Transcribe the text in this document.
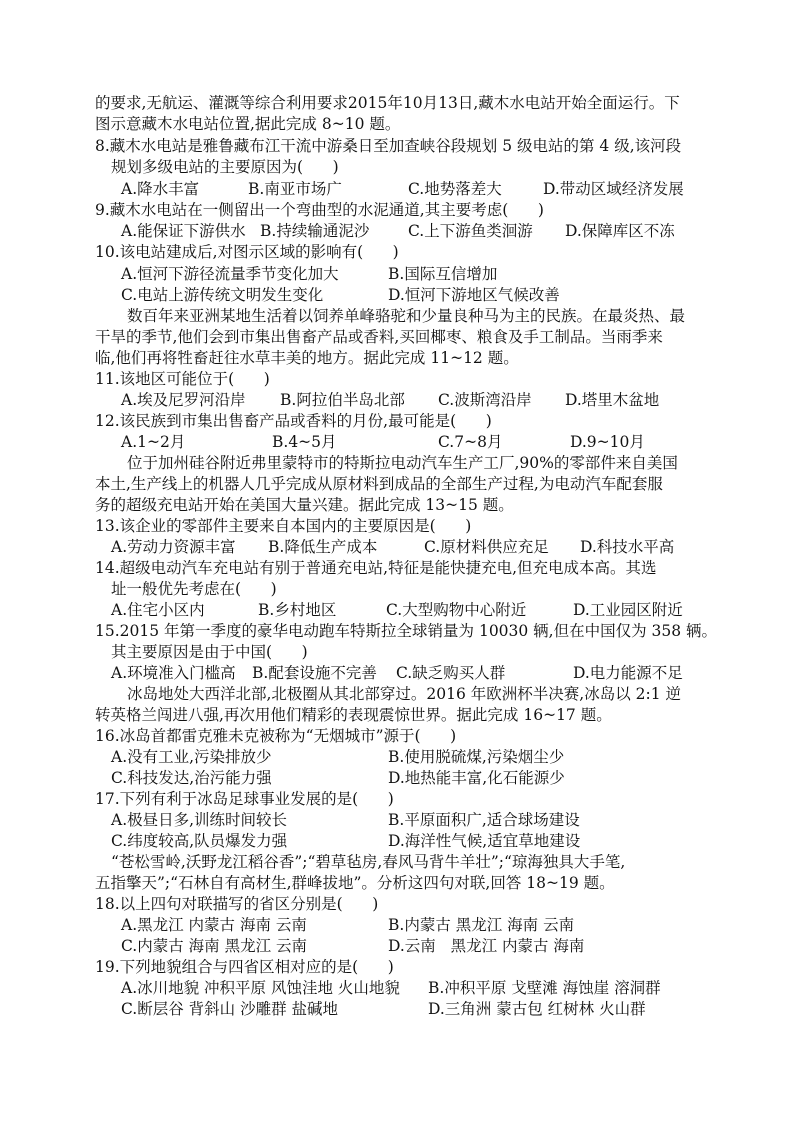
的要求,无航运、灌溉等综合利用要求2015年10月13日,藏木水电站开始全面运行。下
图示意藏木水电站位置,据此完成 8~10 题。
8.藏木水电站是雅鲁藏布江干流中游桑日至加查峡谷段规划 5 级电站的第 4 级,该河段
规划多级电站的主要原因为(      )
A.降水丰富	B.南亚市场广	C.地势落差大	D.带动区域经济发展
9.藏木水电站在一侧留出一个弯曲型的水泥通道,其主要考虑(      )
A.能保证下游供水 B.持续输通泥沙 C.上下游鱼类洄游 D.保障库区不冻
10.该电站建成后,对图示区域的影响有(      )
A.恒河下游径流量季节变化加大	B.国际互信增加
C.电站上游传统文明发生变化	D.恒河下游地区气候改善
数百年来亚洲某地生活着以饲养单峰骆驼和少量良种马为主的民族。在最炎热、最
干旱的季节,他们会到市集出售畜产品或香料,买回椰枣、粮食及手工制品。当雨季来
临,他们再将牲畜赶往水草丰美的地方。据此完成 11~12 题。
11.该地区可能位于(      )
A.埃及尼罗河沿岸 B.阿拉伯半岛北部 C.波斯湾沿岸 D.塔里木盆地
12.该民族到市集出售畜产品或香料的月份,最可能是(      )
A.1~2月	B.4~5月	C.7~8月	D.9~10月
位于加州硅谷附近弗里蒙特市的特斯拉电动汽车生产工厂,90%的零部件来自美国
本土,生产线上的机器人几乎完成从原材料到成品的全部生产过程,为电动汽车配套服
务的超级充电站开始在美国大量兴建。据此完成 13~15 题。
13.该企业的零部件主要来自本国内的主要原因是(      )
A.劳动力资源丰富 B.降低生产成本	C.原材料供应充足 D.科技水平高
14.超级电动汽车充电站有别于普通充电站,特征是能快捷充电,但充电成本高。其选
址一般优先考虑在(      )
A.住宅小区内	B.乡村地区	C.大型购物中心附近	D.工业园区附近
15.2015 年第一季度的豪华电动跑车特斯拉全球销量为 10030 辆,但在中国仅为 358 辆。
其主要原因是由于中国(      )
A.环境准入门槛高 B.配套设施不完善 C.缺乏购买人群	D.电力能源不足
冰岛地处大西洋北部,北极圈从其北部穿过。2016 年欧洲杯半决赛,冰岛以 2:1 逆
转英格兰闯进八强,再次用他们精彩的表现震惊世界。据此完成 16~17 题。
16.冰岛首都雷克雅未克被称为“无烟城市”源于(      )
A.没有工业,污染排放少	B.使用脱硫煤,污染烟尘少
C.科技发达,治污能力强	D.地热能丰富,化石能源少
17.下列有利于冰岛足球事业发展的是(      )
A.极昼日多,训练时间较长	B.平原面积广,适合球场建设
C.纬度较高,队员爆发力强	D.海洋性气候,适宜草地建设
“苍松雪岭,沃野龙江稻谷香”;“碧草毡房,春风马背牛羊壮”;“琼海独具大手笔,
五指擎天”;“石林自有高材生,群峰拔地”。分析这四句对联,回答 18~19 题。
18.以上四句对联描写的省区分别是(      )
A.黑龙江 内蒙古 海南 云南	B.内蒙古 黑龙江 海南 云南
C.内蒙古 海南 黑龙江 云南	D.云南   黑龙江 内蒙古 海南
19.下列地貌组合与四省区相对应的是(      )
A.冰川地貌 冲积平原 风蚀洼地 火山地貌 B.冲积平原 戈壁滩 海蚀崖 溶洞群
C.断层谷 背斜山 沙雕群 盐碱地	D.三角洲 蒙古包 红树林 火山群
